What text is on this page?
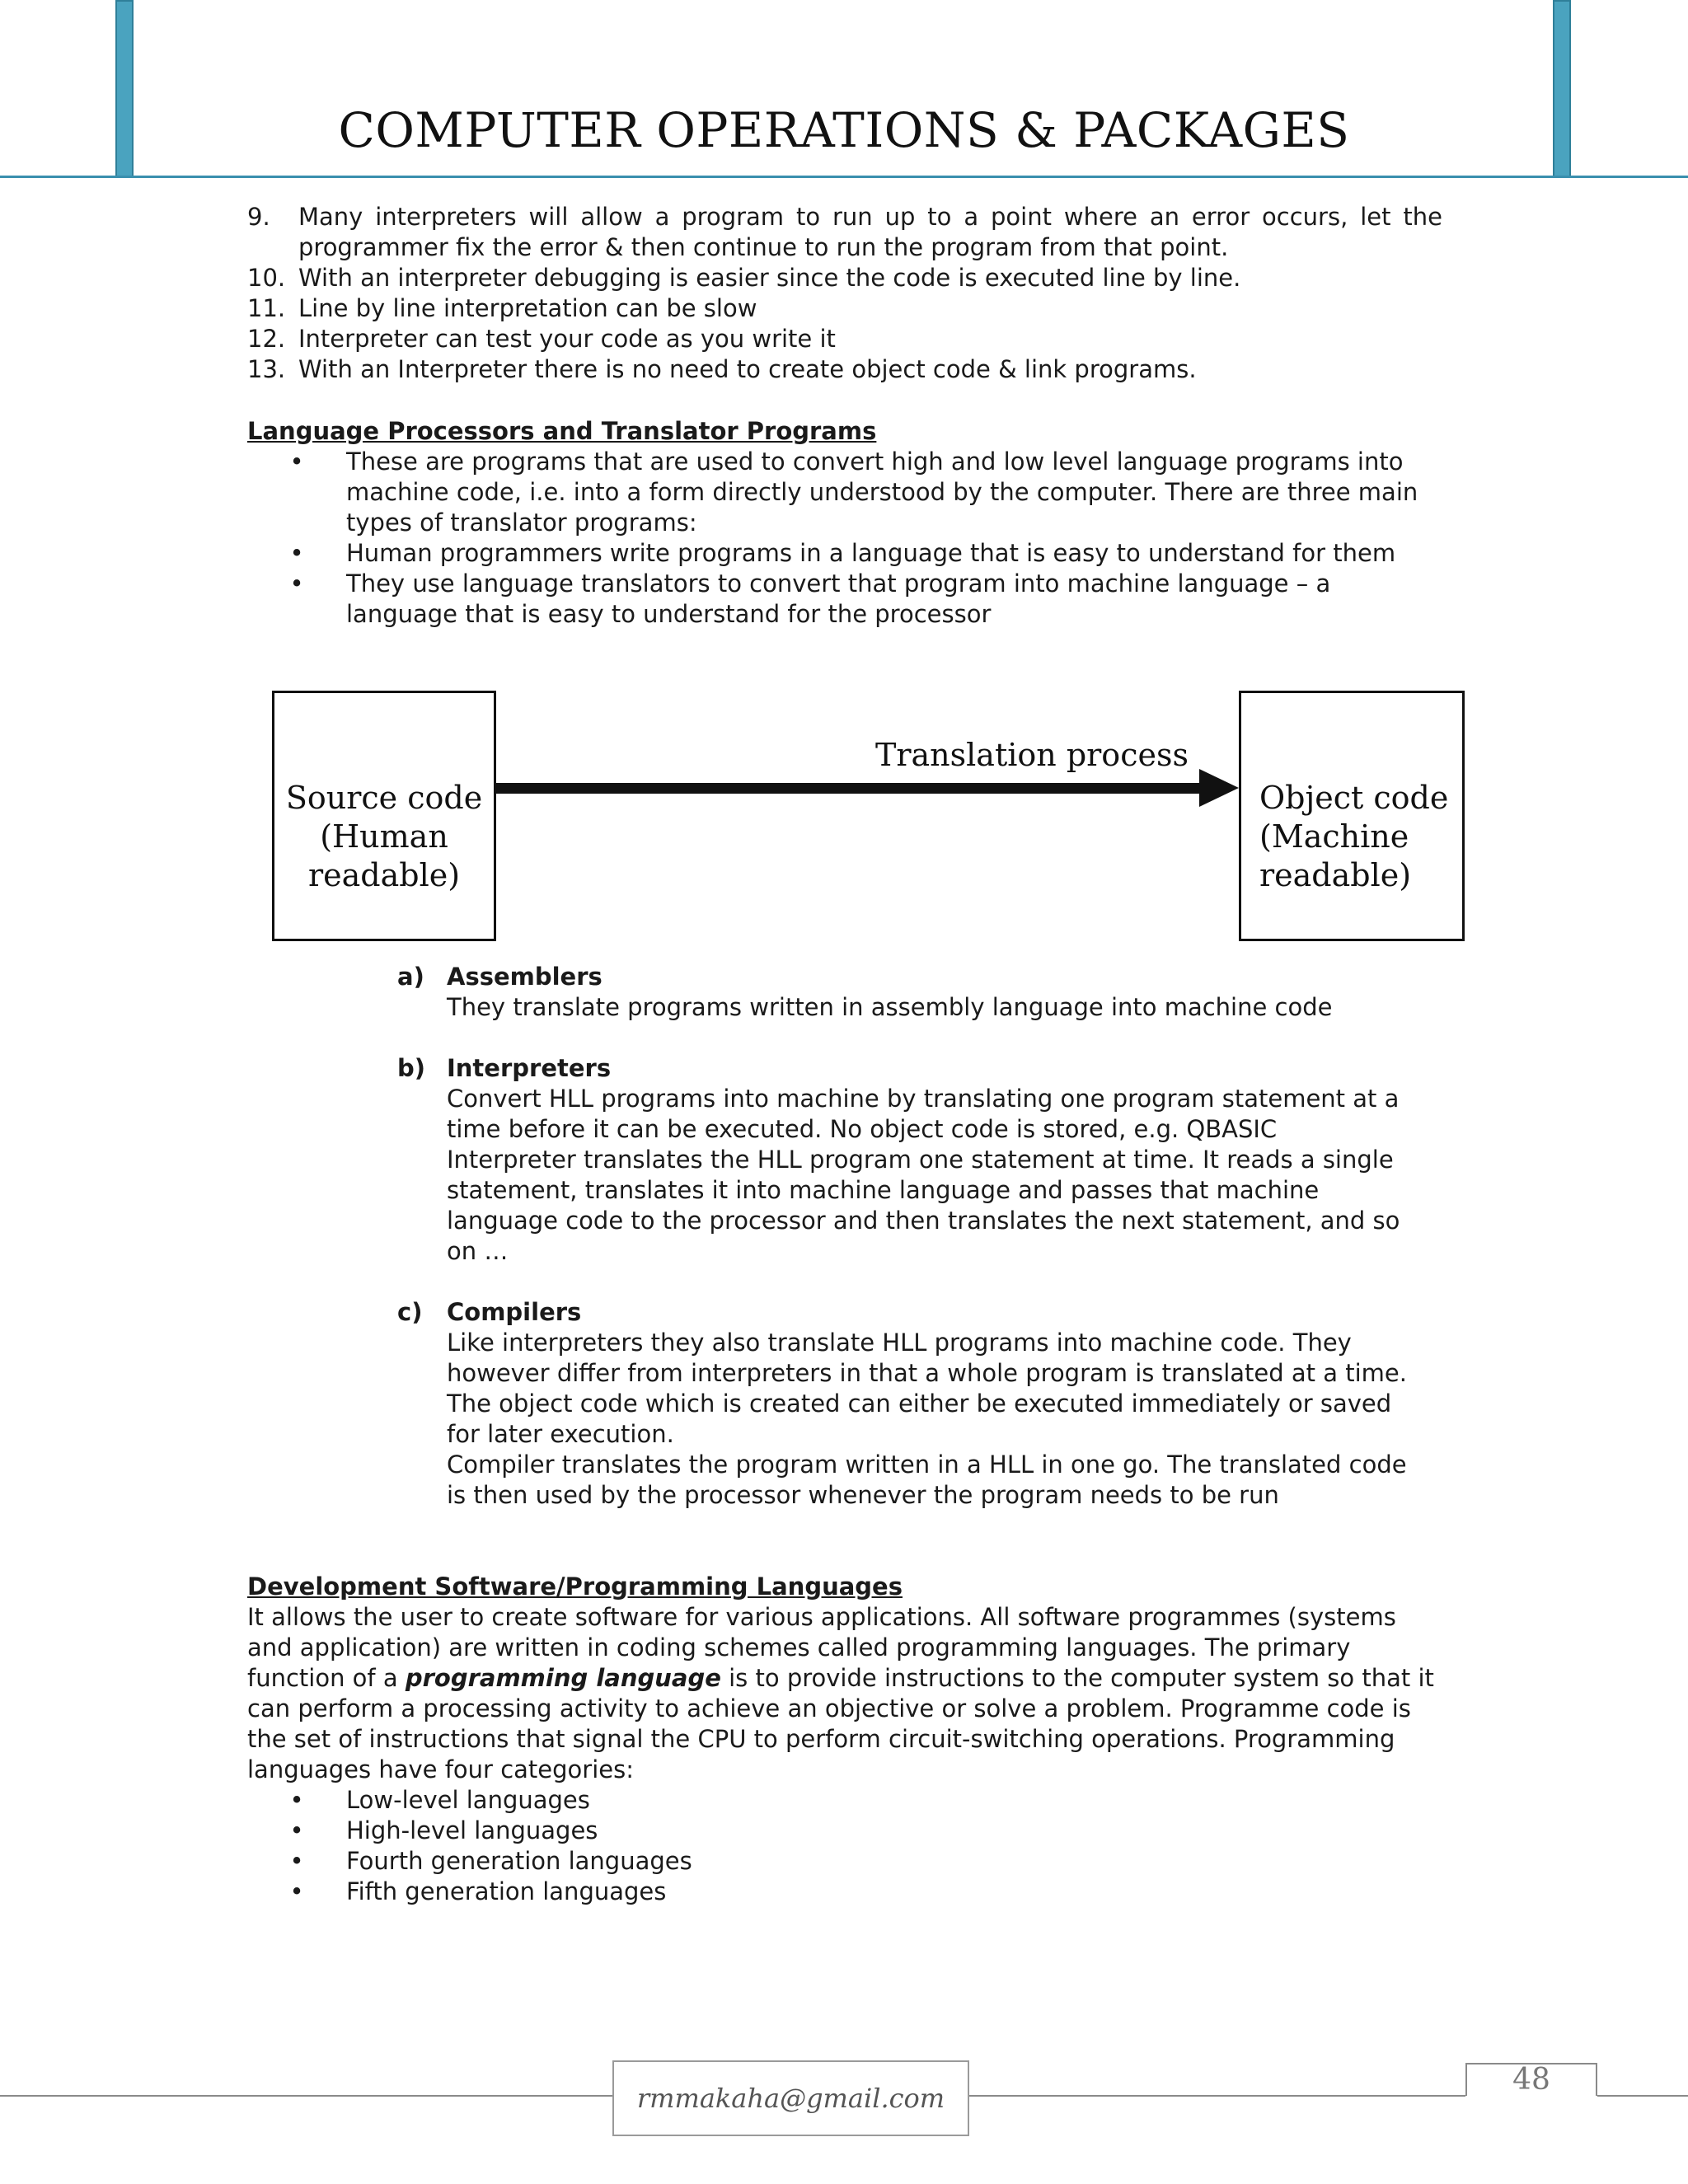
COMPUTER OPERATIONS & PACKAGES
9.	Many interpreters will allow a program to run up to a point where an error occurs, let the programmer fix the error & then continue to run the program from that point.
10. With an interpreter debugging is easier since the code is executed line by line.
11. Line by line interpretation can be slow
12. Interpreter can test your code as you write it
13. With an Interpreter there is no need to create object code & link programs.
Language Processors and Translator Programs
•	These are programs that are used to convert high and low level language programs into machine code, i.e. into a form directly understood by the computer. There are three main types of translator programs:
•	Human programmers write programs in a language that is easy to understand for them
•	They use language translators to convert that program into machine language – a language that is easy to understand for the processor
Source code
(Human
readable)
Translation process
Object code
(Machine
readable)
a) Assemblers
They translate programs written in assembly language into machine code
b) Interpreters
Convert HLL programs into machine by translating one program statement at a time before it can be executed. No object code is stored, e.g. QBASIC
Interpreter translates the HLL program one statement at time. It reads a single statement, translates it into machine language and passes that machine language code to the processor and then translates the next statement, and so on …
c)	Compilers
Like interpreters they also translate HLL programs into machine code. They however differ from interpreters in that a whole program is translated at a time. The object code which is created can either be executed immediately or saved for later execution.
Compiler translates the program written in a HLL in one go. The translated code is then used by the processor whenever the program needs to be run
Development Software/Programming Languages
It allows the user to create software for various applications. All software programmes (systems and application) are written in coding schemes called programming languages. The primary function of a programming language is to provide instructions to the computer system so that it can perform a processing activity to achieve an objective or solve a problem. Programme code is the set of instructions that signal the CPU to perform circuit-switching operations. Programming languages have four categories:
•	Low-level languages
•	High-level languages
•	Fourth generation languages
•	Fifth generation languages
rmmakaha@gmail.com
48
